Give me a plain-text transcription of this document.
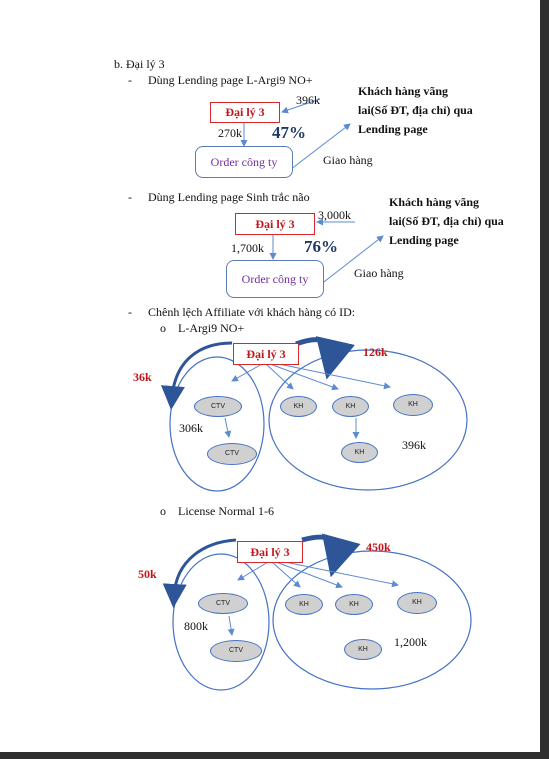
b. Đại lý 3
- Dùng Lending page L-Argi9 NO+
396k
Đại lý 3
270k 47%
Khách hàng vãng lai(Số ĐT, địa chỉ) qua Lending page
Order công ty	Giao hàng
- Dùng Lending page Sinh trắc não
3,000k
Đại lý 3
1,700k 76%
Khách hàng vãng lai(Số ĐT, địa chỉ) qua Lending page
Order công ty	Giao hàng
- Chênh lệch Affiliate với khách hàng có ID:
o L-Argi9 NO+
Đại lý 3
36k
126k
CTV
CTV
306k
KH	KH	KH
KH
396k
o License Normal 1-6
Đại lý 3
50k
450k
CTV
CTV
800k
KH	KH	KH
KH
1,200k
